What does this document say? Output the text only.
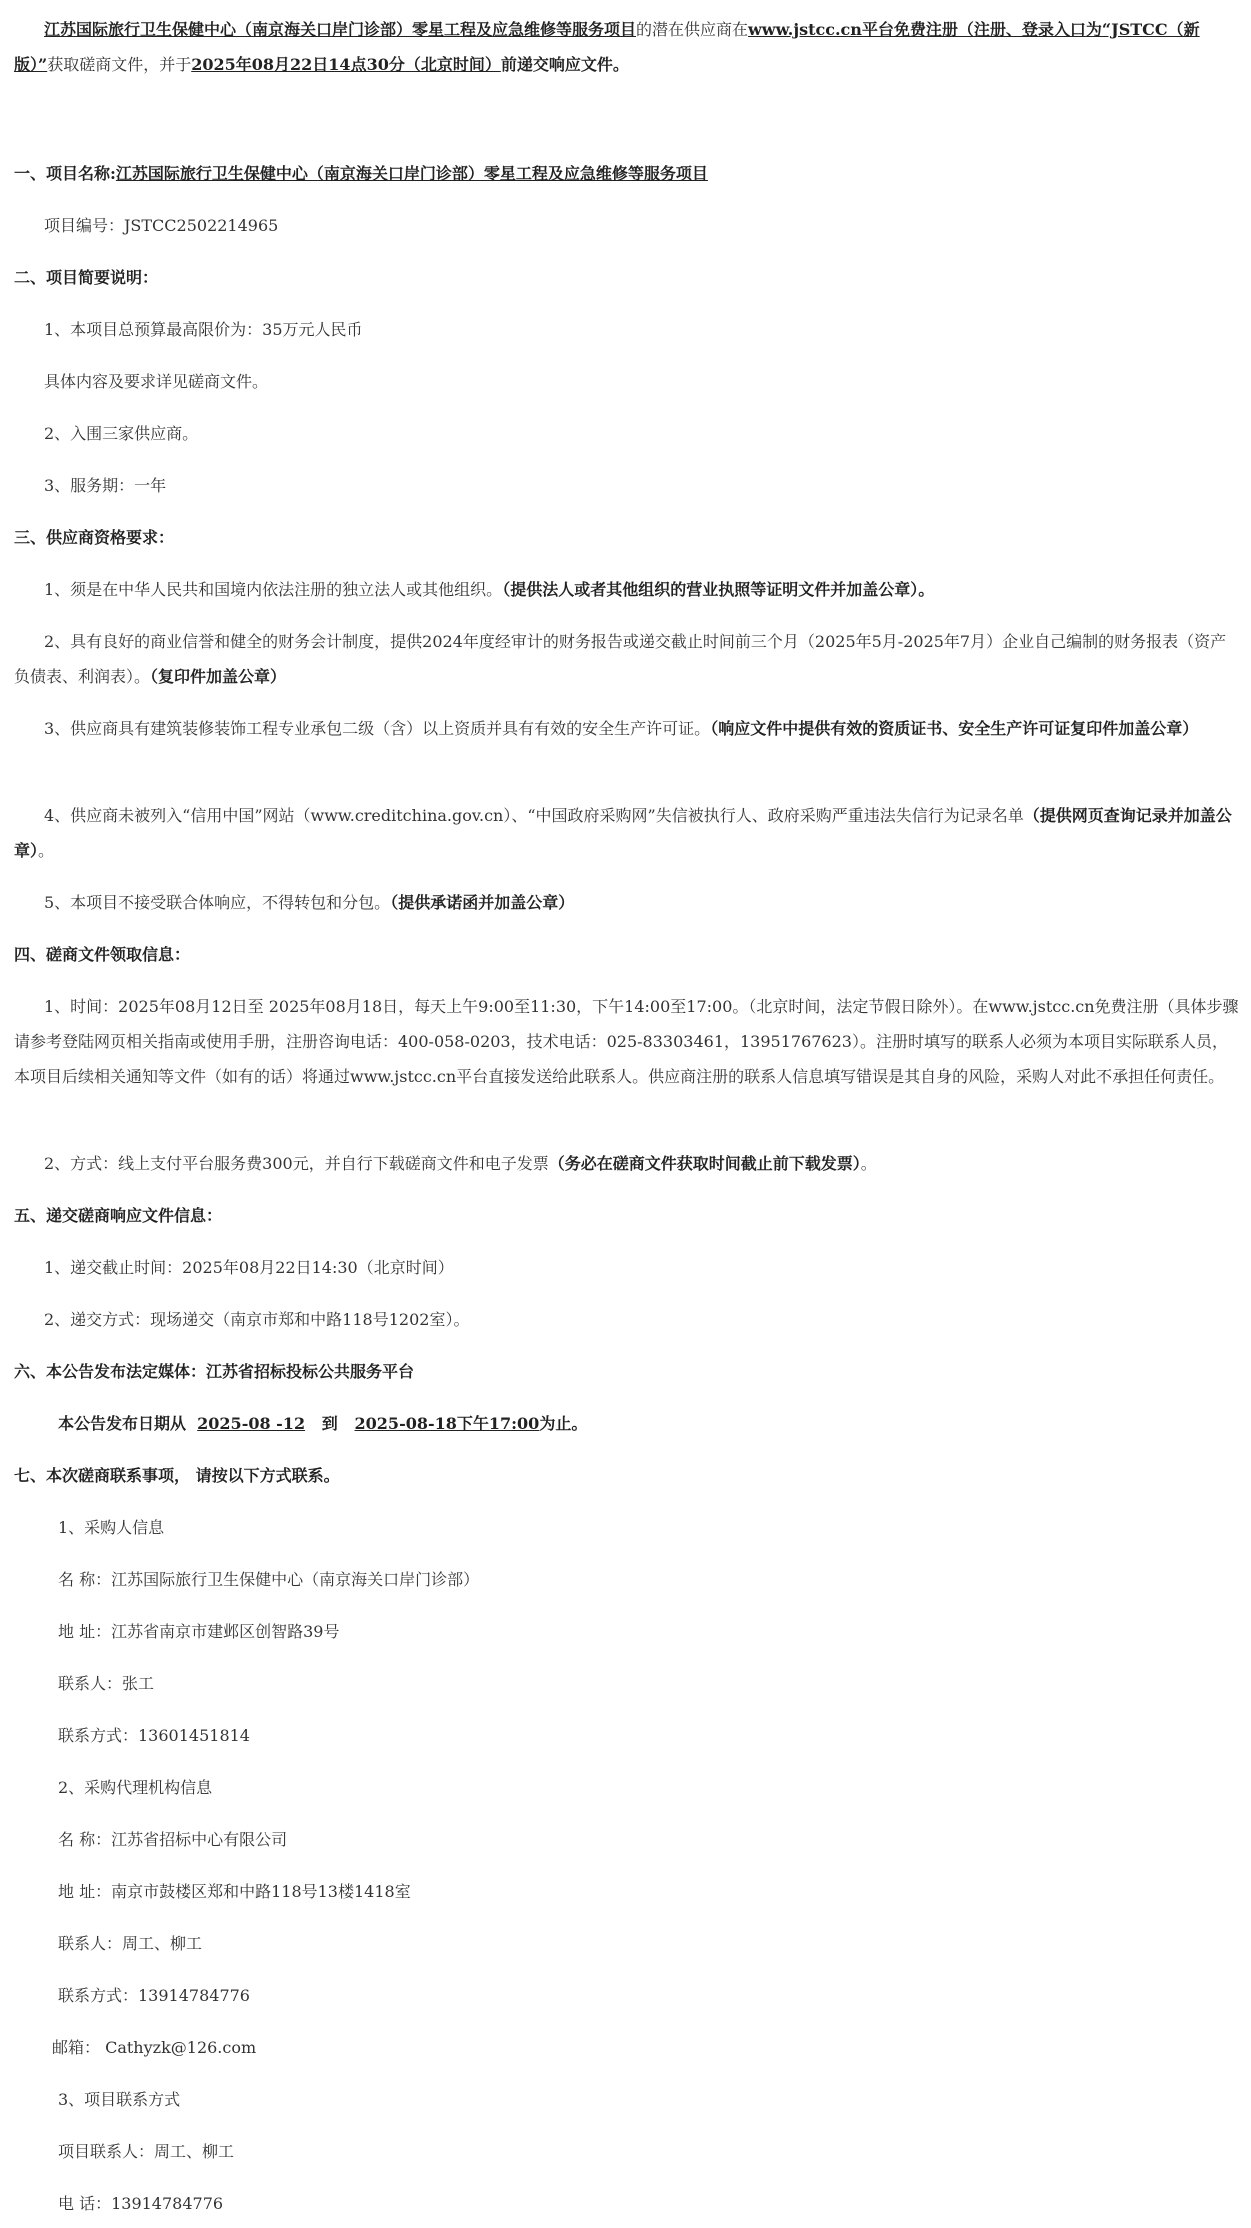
江苏国际旅行卫生保健中心（南京海关口岸门诊部）零星工程及应急维修等服务项目的潜在供应商在www.jstcc.cn平台免费注册（注册、登录入口为“JSTCC（新版）”获取磋商文件，并于2025年08月22日14点30分（北京时间）前递交响应文件。

一、项目名称:江苏国际旅行卫生保健中心（南京海关口岸门诊部）零星工程及应急维修等服务项目

项目编号：JSTCC2502214965

二、项目简要说明：

1、本项目总预算最高限价为：35万元人民币

具体内容及要求详见磋商文件。

2、入围三家供应商。

3、服务期：一年

三、供应商资格要求：

1、须是在中华人民共和国境内依法注册的独立法人或其他组织。（提供法人或者其他组织的营业执照等证明文件并加盖公章）。

2、具有良好的商业信誉和健全的财务会计制度，提供2024年度经审计的财务报告或递交截止时间前三个月（2025年5月-2025年7月）企业自己编制的财务报表（资产负债表、利润表）。（复印件加盖公章）

3、供应商具有建筑装修装饰工程专业承包二级（含）以上资质并具有有效的安全生产许可证。（响应文件中提供有效的资质证书、安全生产许可证复印件加盖公章）

4、供应商未被列入“信用中国”网站（www.creditchina.gov.cn）、“中国政府采购网”失信被执行人、政府采购严重违法失信行为记录名单（提供网页查询记录并加盖公章）。

5、本项目不接受联合体响应，不得转包和分包。（提供承诺函并加盖公章）

四、磋商文件领取信息：

1、时间：2025年08月12日至 2025年08月18日，每天上午9:00至11:30，下午14:00至17:00。（北京时间，法定节假日除外）。在www.jstcc.cn免费注册（具体步骤请参考登陆网页相关指南或使用手册，注册咨询电话：400-058-0203，技术电话：025-83303461，13951767623）。注册时填写的联系人必须为本项目实际联系人员，本项目后续相关通知等文件（如有的话）将通过www.jstcc.cn平台直接发送给此联系人。供应商注册的联系人信息填写错误是其自身的风险，采购人对此不承担任何责任。

2、方式：线上支付平台服务费300元，并自行下载磋商文件和电子发票（务必在磋商文件获取时间截止前下载发票）。

五、递交磋商响应文件信息：

1、递交截止时间：2025年08月22日14:30（北京时间）

2、递交方式：现场递交（南京市郑和中路118号1202室）。

六、本公告发布法定媒体：江苏省招标投标公共服务平台

本公告发布日期从 2025-08 -12 到 2025-08-18下午17:00为止。

七、本次磋商联系事项， 请按以下方式联系。

1、采购人信息

名 称：江苏国际旅行卫生保健中心（南京海关口岸门诊部）

地 址：江苏省南京市建邺区创智路39号

联系人：张工

联系方式：13601451814

2、采购代理机构信息

名 称：江苏省招标中心有限公司

地 址：南京市鼓楼区郑和中路118号13楼1418室

联系人：周工、柳工

联系方式：13914784776

邮箱： Cathyzk@126.com

3、项目联系方式

项目联系人：周工、柳工

电 话：13914784776
